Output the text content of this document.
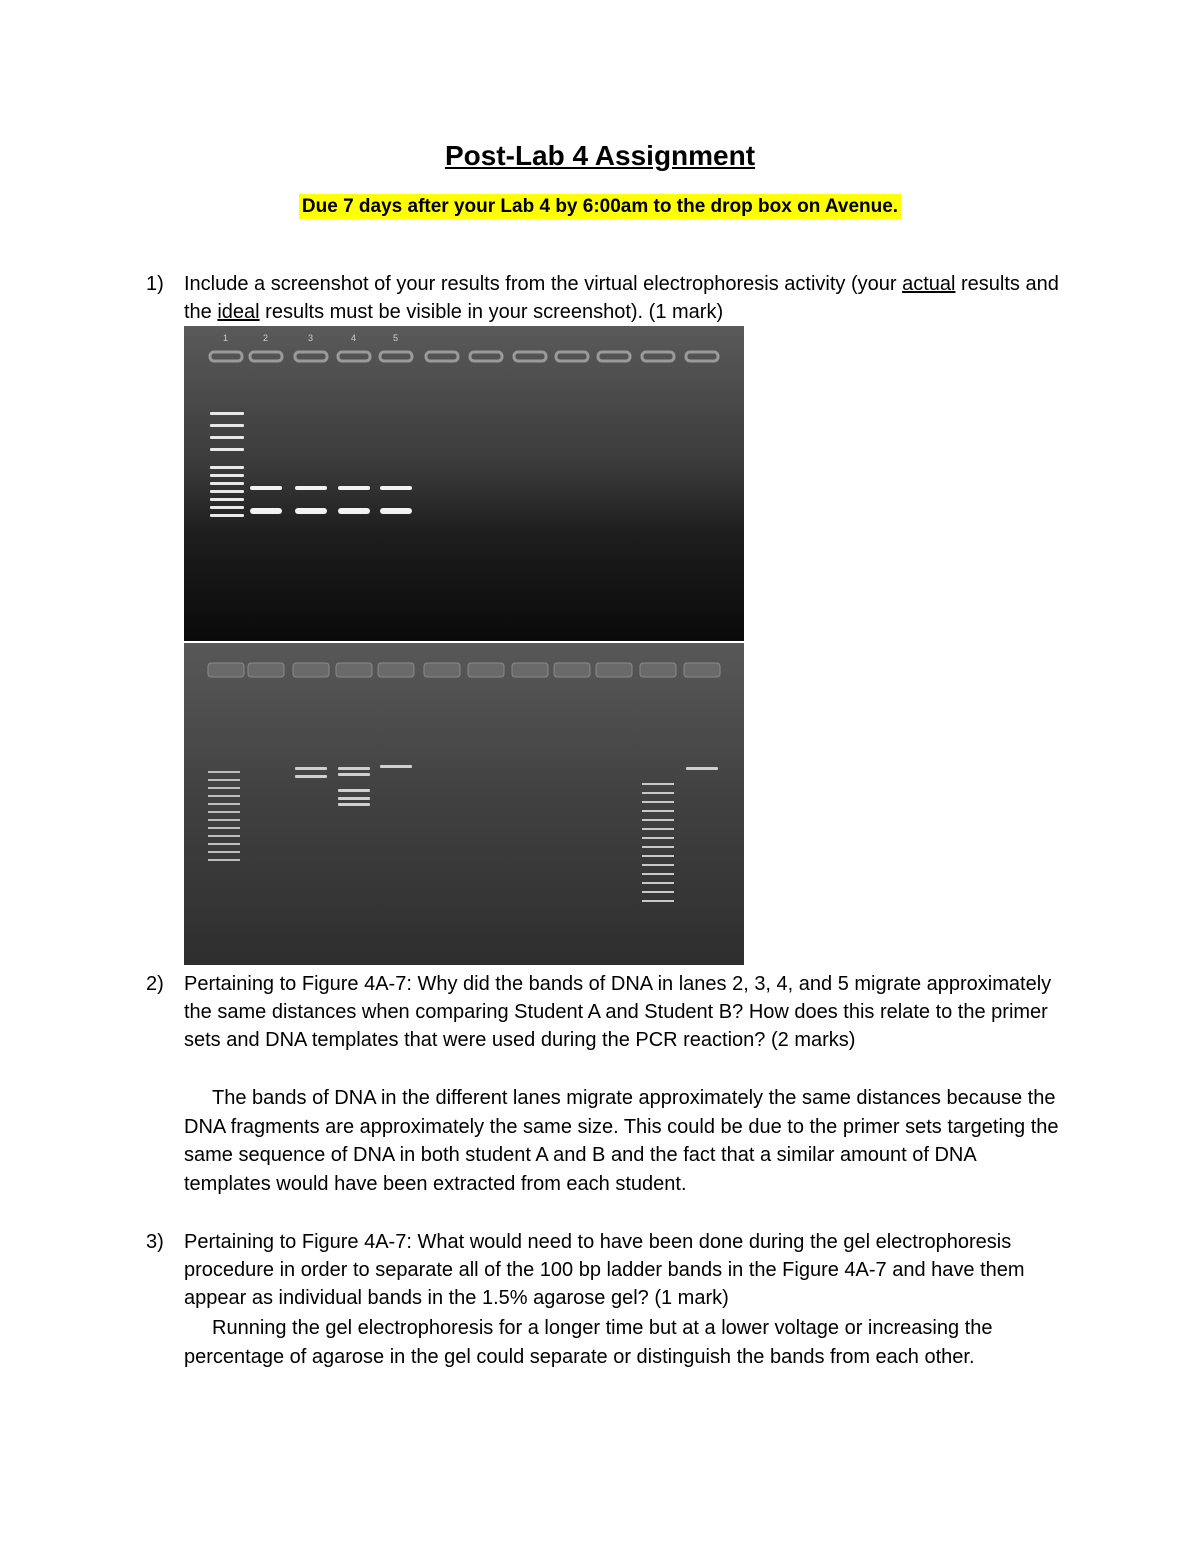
Post-Lab 4 Assignment
Due 7 days after your Lab 4 by 6:00am to the drop box on Avenue.
1) Include a screenshot of your results from the virtual electrophoresis activity (your actual results and the ideal results must be visible in your screenshot). (1 mark)
1	2	3	4	5
2) Pertaining to Figure 4A-7: Why did the bands of DNA in lanes 2, 3, 4, and 5 migrate approximately the same distances when comparing Student A and Student B? How does this relate to the primer sets and DNA templates that were used during the PCR reaction? (2 marks)
The bands of DNA in the different lanes migrate approximately the same distances because the DNA fragments are approximately the same size. This could be due to the primer sets targeting the same sequence of DNA in both student A and B and the fact that a similar amount of DNA templates would have been extracted from each student.
3) Pertaining to Figure 4A-7: What would need to have been done during the gel electrophoresis procedure in order to separate all of the 100 bp ladder bands in the Figure 4A-7 and have them appear as individual bands in the 1.5% agarose gel? (1 mark)
Running the gel electrophoresis for a longer time but at a lower voltage or increasing the percentage of agarose in the gel could separate or distinguish the bands from each other.
